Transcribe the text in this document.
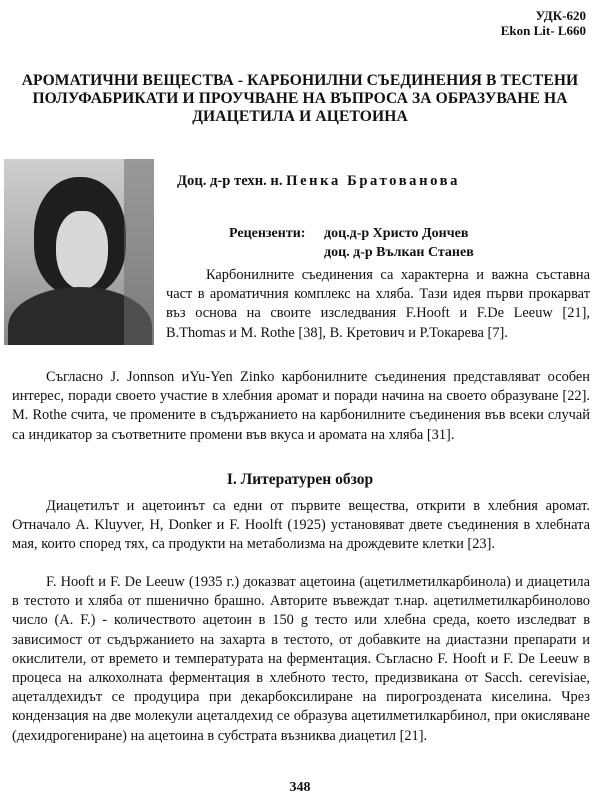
УДК-620
Ekon Lit- L660
АРОМАТИЧНИ ВЕЩЕСТВА - КАРБОНИЛНИ СЪЕДИНЕНИЯ В ТЕСТЕНИ ПОЛУФАБРИКАТИ И ПРОУЧВАНЕ НА ВЪПРОСА ЗА ОБРАЗУВАНЕ НА ДИАЦЕТИЛА И АЦЕТОИНА
Доц. д-р техн. н. Пенка Братованова
Рецензенти: доц.д-р Христо Дончев
доц. д-р Вълкан Станев
Карбонилните съединения са характерна и важна съставна част в ароматичния комплекс на хляба. Тази идея първи прокарват въз основа на своите изследвания F.Hooft и F.De Leeuw [21], B.Thomas и M. Rothe [38], В. Кретович и Р.Токарева [7].
Съгласно J. Jonnson иYu-Yen Zinko карбонилните съединения представляват особен интерес, поради своето участие в хлебния аромат и поради начина на своето образуване [22]. M. Rothe счита, че промените в съдържанието на карбонилните съединения във всеки случай са индикатор за съответните промени във вкуса и аромата на хляба [31].
I. Литературен обзор
Диацетилът и ацетоинът са едни от първите вещества, открити в хлебния аромат. Отначало A. Kluyver, H, Donker и F. Hoolft (1925) установяват двете съединения в хлебната мая, които според тях, са продукти на метаболизма на дрождевите клетки [23].
F. Hooft и F. De Leeuw (1935 г.) доказват ацетоина (ацетилметилкарбинола) и диацетила в тестото и хляба от пшенично брашно. Авторите въвеждат т.нар. ацетилметилкарбинолово число (А. F.) - количеството ацетоин в 150 g тесто или хлебна среда, което изследват в зависимост от съдържанието на захарта в тестото, от добавките на диастазни препарати и окислители, от времето и температурата на ферментация. Съгласно F. Hooft и F. De Leeuw в процеса на алкохолната ферментация в хлебното тесто, предизвикана от Sacch. cerevisiae, ацеталдехидът се продуцира при декарбоксилиране на пирогроздената киселина. Чрез кондензация на две молекули ацеталдехид се образува ацетилметилкарбинол, при окисляване (дехидрогениране) на ацетоина в субстрата възниква диацетил [21].
348
